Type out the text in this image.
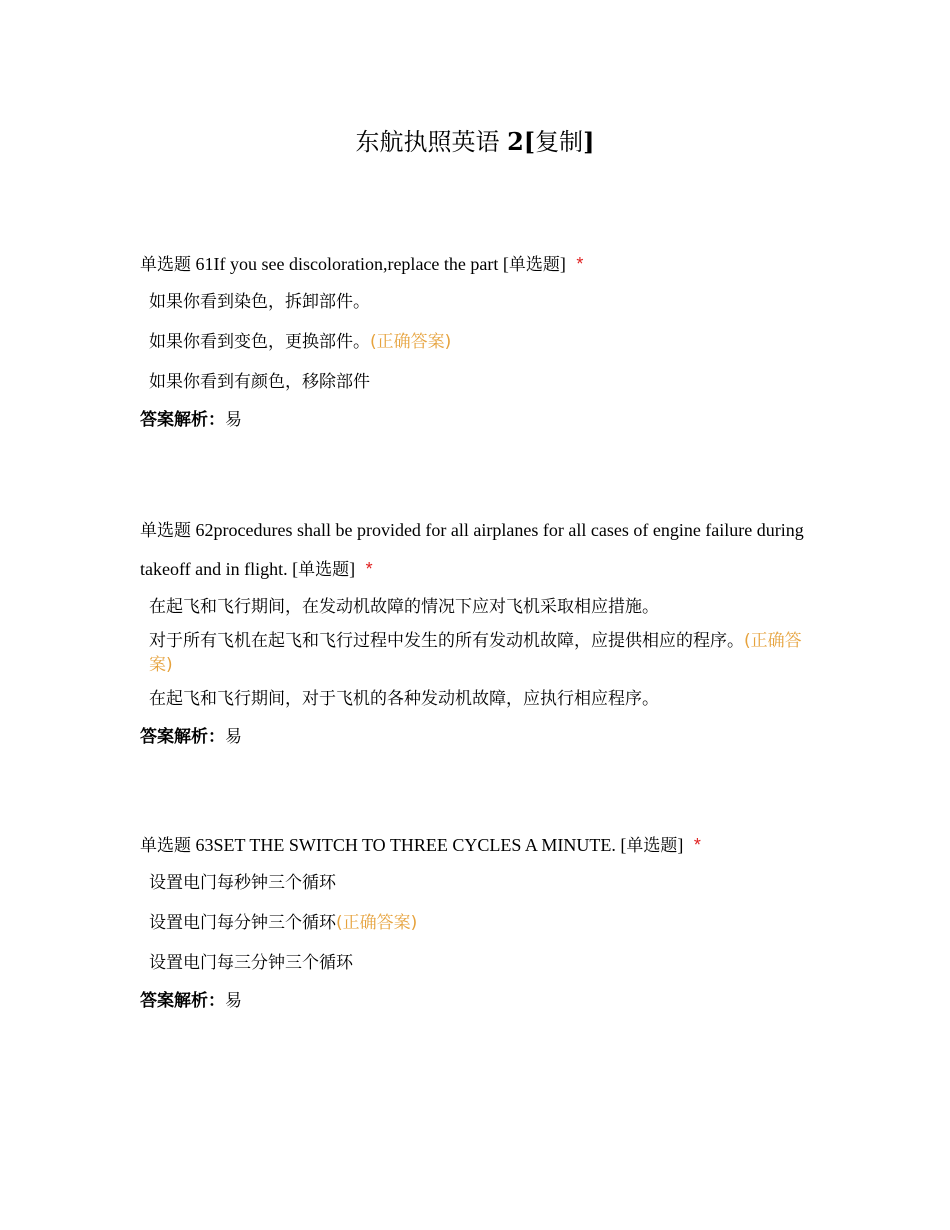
东航执照英语 2[复制]
单选题 61If you see discoloration,replace the part [单选题] *
如果你看到染色，拆卸部件。
如果你看到变色，更换部件。(正确答案)
如果你看到有颜色，移除部件
答案解析：易
单选题 62procedures shall be provided for all airplanes for all cases of engine failure during takeoff and in flight. [单选题] *
在起飞和飞行期间，在发动机故障的情况下应对飞机采取相应措施。
对于所有飞机在起飞和飞行过程中发生的所有发动机故障，应提供相应的程序。(正确答案)
在起飞和飞行期间，对于飞机的各种发动机故障，应执行相应程序。
答案解析：易
单选题 63SET THE SWITCH TO THREE CYCLES A MINUTE. [单选题] *
设置电门每秒钟三个循环
设置电门每分钟三个循环(正确答案)
设置电门每三分钟三个循环
答案解析：易
